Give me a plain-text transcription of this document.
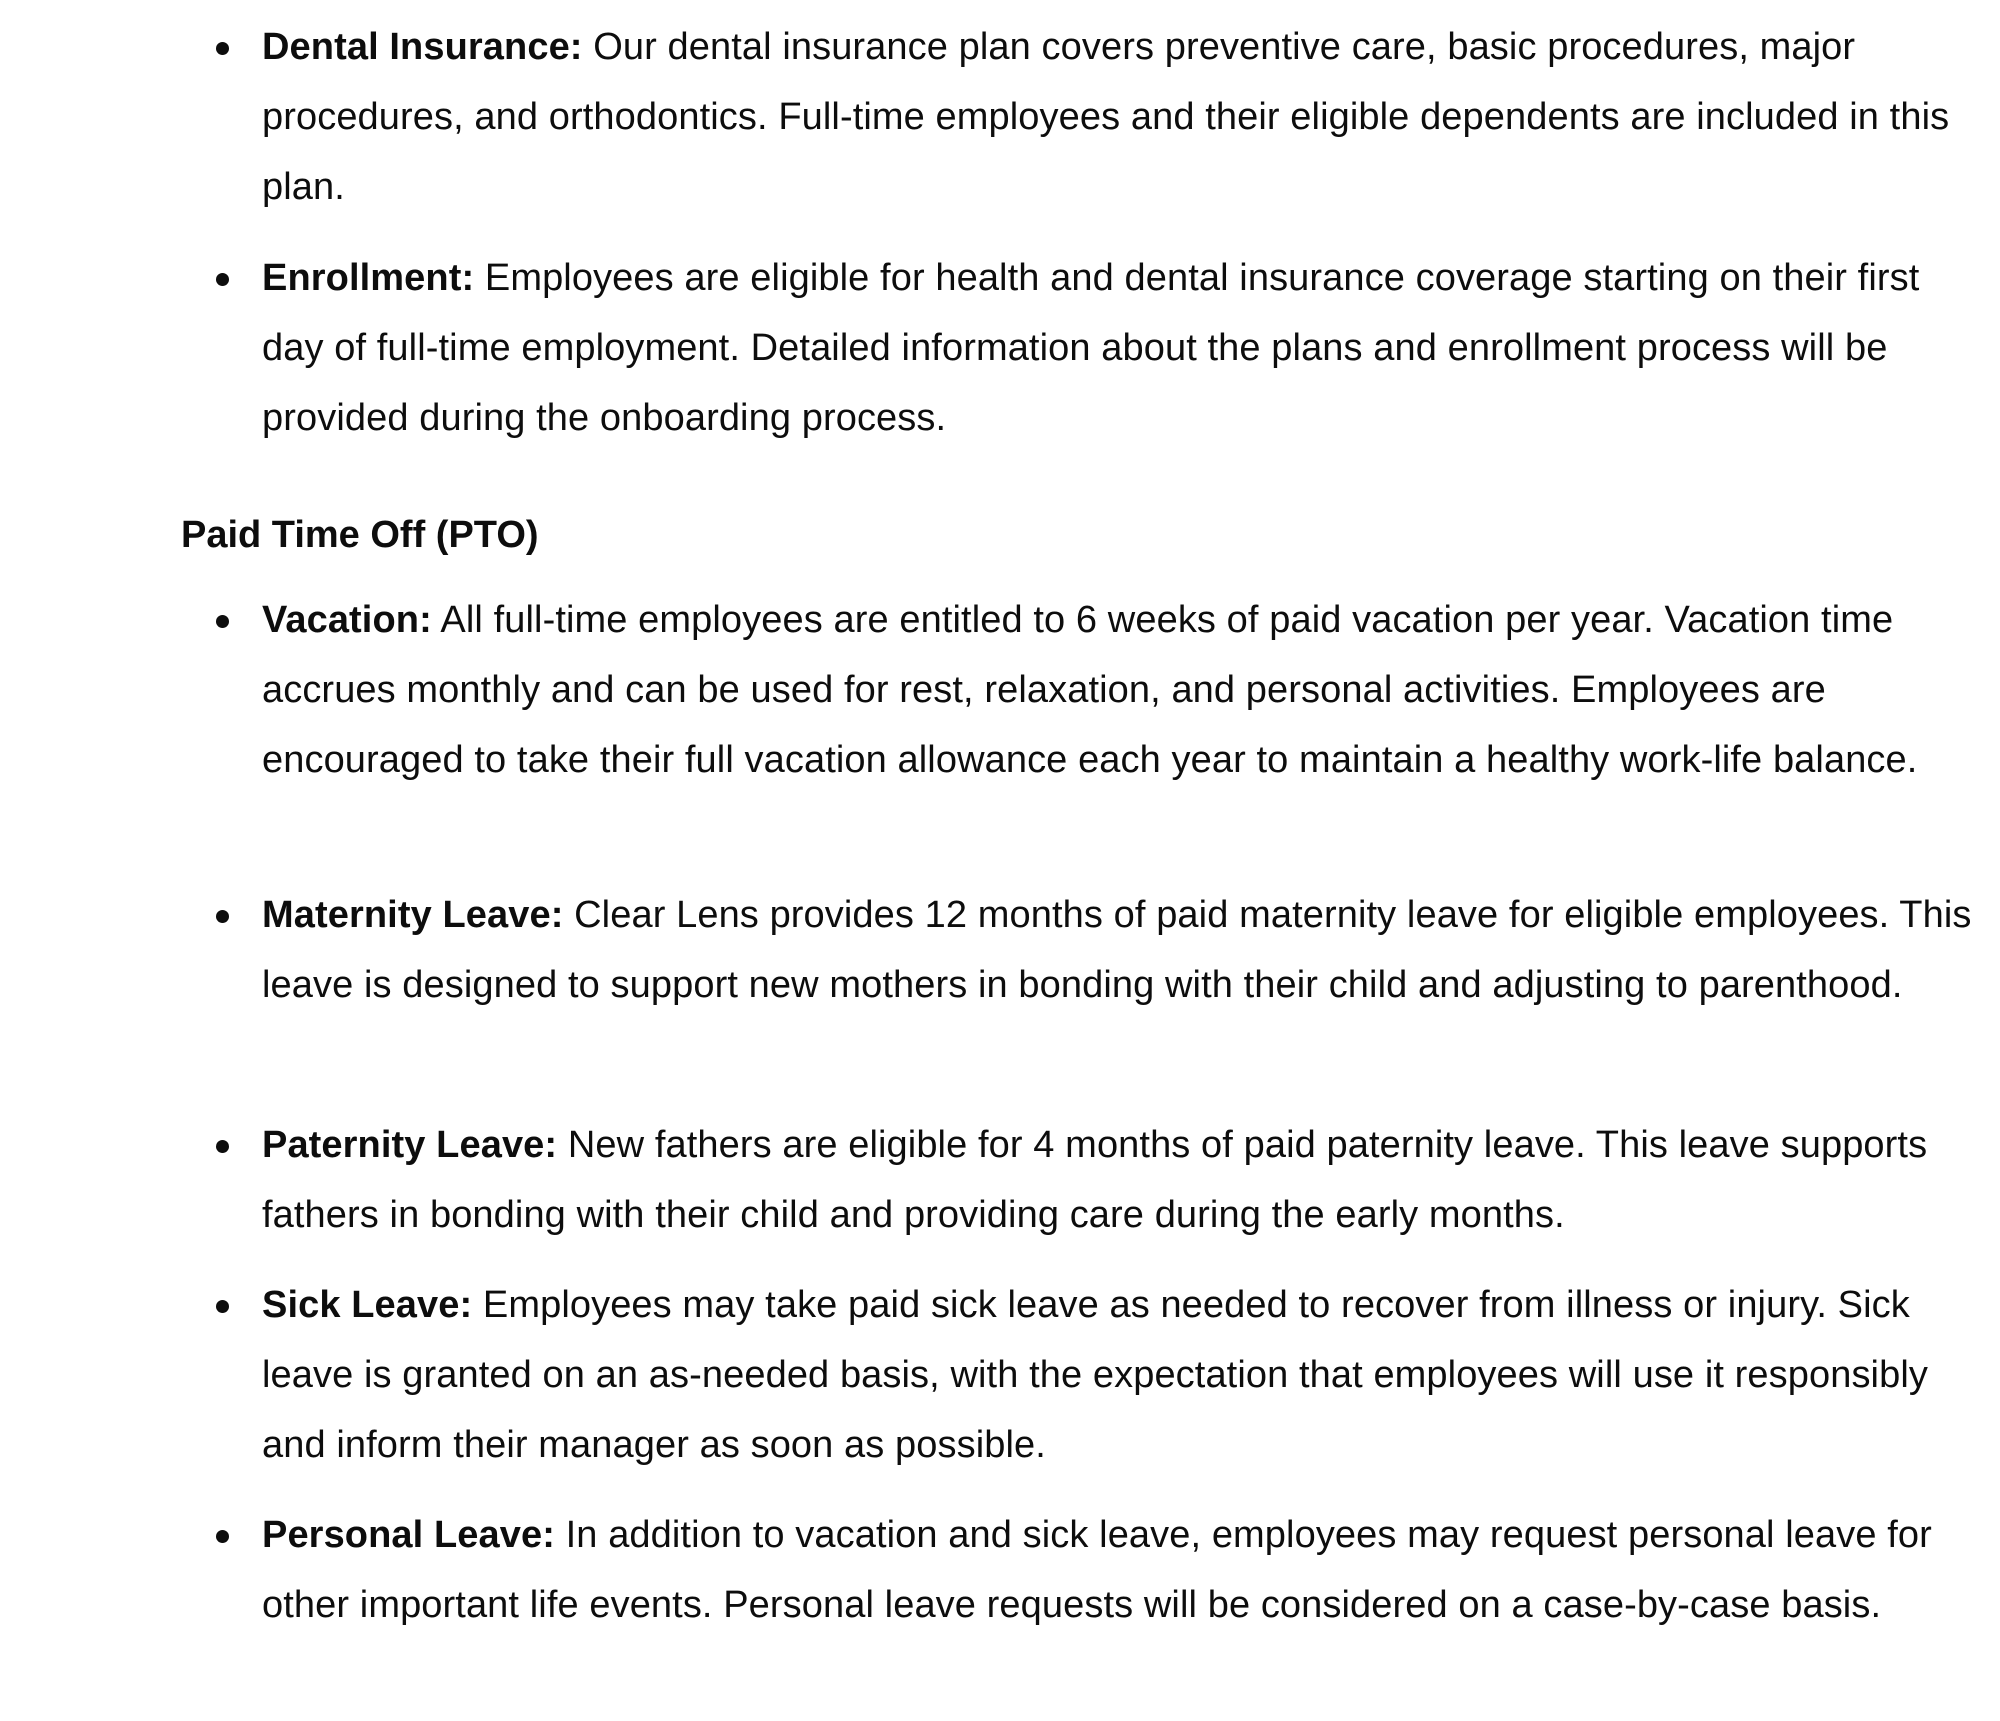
Dental Insurance: Our dental insurance plan covers preventive care, basic procedures, major procedures, and orthodontics. Full-time employees and their eligible dependents are included in this plan.
Enrollment: Employees are eligible for health and dental insurance coverage starting on their first day of full-time employment. Detailed information about the plans and enrollment process will be provided during the onboarding process.
Paid Time Off (PTO)
Vacation: All full-time employees are entitled to 6 weeks of paid vacation per year. Vacation time accrues monthly and can be used for rest, relaxation, and personal activities. Employees are encouraged to take their full vacation allowance each year to maintain a healthy work-life balance.
Maternity Leave: Clear Lens provides 12 months of paid maternity leave for eligible employees. This leave is designed to support new mothers in bonding with their child and adjusting to parenthood.
Paternity Leave: New fathers are eligible for 4 months of paid paternity leave. This leave supports fathers in bonding with their child and providing care during the early months.
Sick Leave: Employees may take paid sick leave as needed to recover from illness or injury. Sick leave is granted on an as-needed basis, with the expectation that employees will use it responsibly and inform their manager as soon as possible.
Personal Leave: In addition to vacation and sick leave, employees may request personal leave for other important life events. Personal leave requests will be considered on a case-by-case basis.
